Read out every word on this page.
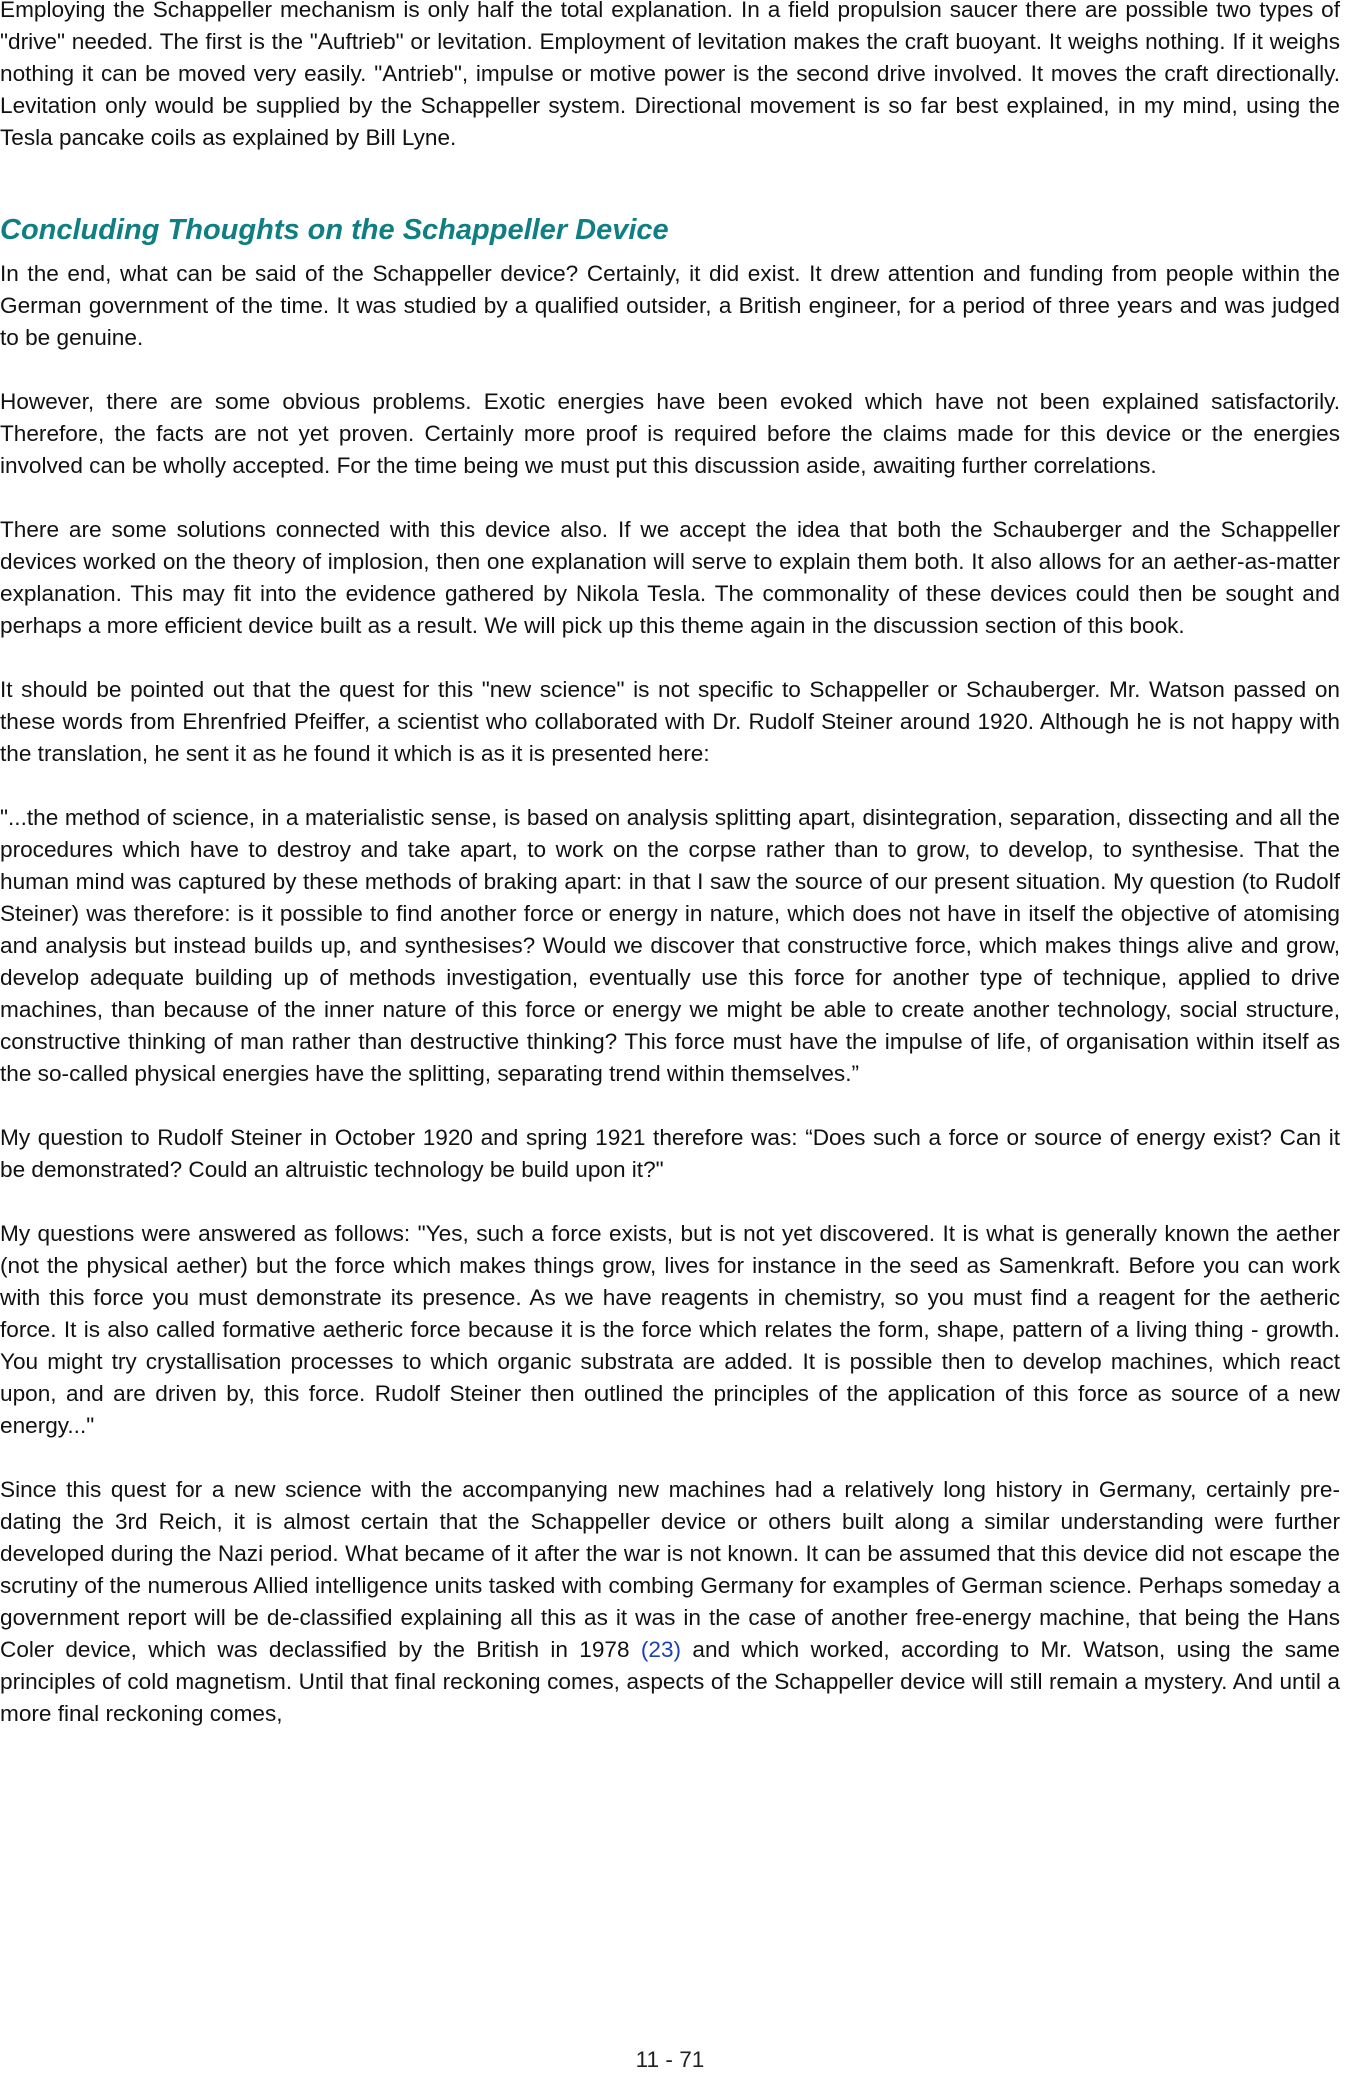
Employing the Schappeller mechanism is only half the total explanation. In a field propulsion saucer there are possible two types of "drive" needed. The first is the "Auftrieb" or levitation. Employment of levitation makes the craft buoyant. It weighs nothing. If it weighs nothing it can be moved very easily. "Antrieb", impulse or motive power is the second drive involved. It moves the craft directionally. Levitation only would be supplied by the Schappeller system. Directional movement is so far best explained, in my mind, using the Tesla pancake coils as explained by Bill Lyne.

Concluding Thoughts on the Schappeller Device

In the end, what can be said of the Schappeller device? Certainly, it did exist. It drew attention and funding from people within the German government of the time. It was studied by a qualified outsider, a British engineer, for a period of three years and was judged to be genuine.

However, there are some obvious problems. Exotic energies have been evoked which have not been explained satisfactorily. Therefore, the facts are not yet proven. Certainly more proof is required before the claims made for this device or the energies involved can be wholly accepted. For the time being we must put this discussion aside, awaiting further correlations.

There are some solutions connected with this device also. If we accept the idea that both the Schauberger and the Schappeller devices worked on the theory of implosion, then one explanation will serve to explain them both. It also allows for an aether-as-matter explanation. This may fit into the evidence gathered by Nikola Tesla. The commonality of these devices could then be sought and perhaps a more efficient device built as a result. We will pick up this theme again in the discussion section of this book.

It should be pointed out that the quest for this "new science" is not specific to Schappeller or Schauberger. Mr. Watson passed on these words from Ehrenfried Pfeiffer, a scientist who collaborated with Dr. Rudolf Steiner around 1920. Although he is not happy with the translation, he sent it as he found it which is as it is presented here:

"...the method of science, in a materialistic sense, is based on analysis splitting apart, disintegration, separation, dissecting and all the procedures which have to destroy and take apart, to work on the corpse rather than to grow, to develop, to synthesise. That the human mind was captured by these methods of braking apart: in that I saw the source of our present situation. My question (to Rudolf Steiner) was therefore: is it possible to find another force or energy in nature, which does not have in itself the objective of atomising and analysis but instead builds up, and synthesises? Would we discover that constructive force, which makes things alive and grow, develop adequate building up of methods investigation, eventually use this force for another type of technique, applied to drive machines, than because of the inner nature of this force or energy we might be able to create another technology, social structure, constructive thinking of man rather than destructive thinking? This force must have the impulse of life, of organisation within itself as the so-called physical energies have the splitting, separating trend within themselves.”

My question to Rudolf Steiner in October 1920 and spring 1921 therefore was: “Does such a force or source of energy exist? Can it be demonstrated? Could an altruistic technology be build upon it?"

My questions were answered as follows: "Yes, such a force exists, but is not yet discovered. It is what is generally known the aether (not the physical aether) but the force which makes things grow, lives for instance in the seed as Samenkraft. Before you can work with this force you must demonstrate its presence. As we have reagents in chemistry, so you must find a reagent for the aetheric force. It is also called formative aetheric force because it is the force which relates the form, shape, pattern of a living thing - growth. You might try crystallisation processes to which organic substrata are added. It is possible then to develop machines, which react upon, and are driven by, this force. Rudolf Steiner then outlined the principles of the application of this force as source of a new energy..."

Since this quest for a new science with the accompanying new machines had a relatively long history in Germany, certainly pre- dating the 3rd Reich, it is almost certain that the Schappeller device or others built along a similar understanding were further developed during the Nazi period. What became of it after the war is not known. It can be assumed that this device did not escape the scrutiny of the numerous Allied intelligence units tasked with combing Germany for examples of German science. Perhaps someday a government report will be de-classified explaining all this as it was in the case of another free-energy machine, that being the Hans Coler device, which was declassified by the British in 1978 (23) and which worked, according to Mr. Watson, using the same principles of cold magnetism. Until that final reckoning comes, aspects of the Schappeller device will still remain a mystery. And until a more final reckoning comes,

11 - 71
